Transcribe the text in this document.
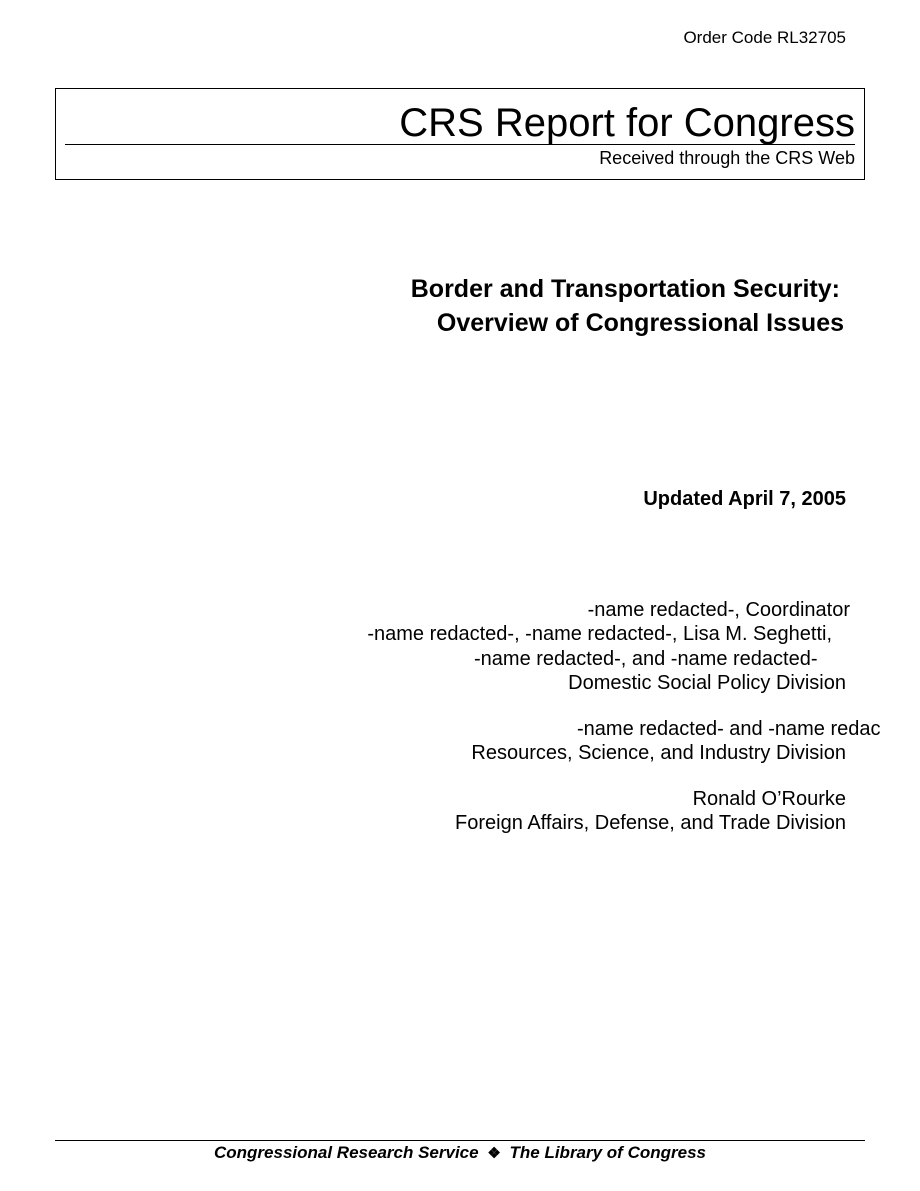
Order Code RL32705
CRS Report for Congress
Received through the CRS Web
Border and Transportation Security:
Overview of Congressional Issues
Updated April 7, 2005
-name redacted-, Coordinator
-name redacted-, -name redacted-, Lisa M. Seghetti,
-name redacted-, and -name redacted-
Domestic Social Policy Division
-name redacted- and -name redac
Resources, Science, and Industry Division
Ronald O’Rourke
Foreign Affairs, Defense, and Trade Division
Congressional Research Service ❖ The Library of Congress
